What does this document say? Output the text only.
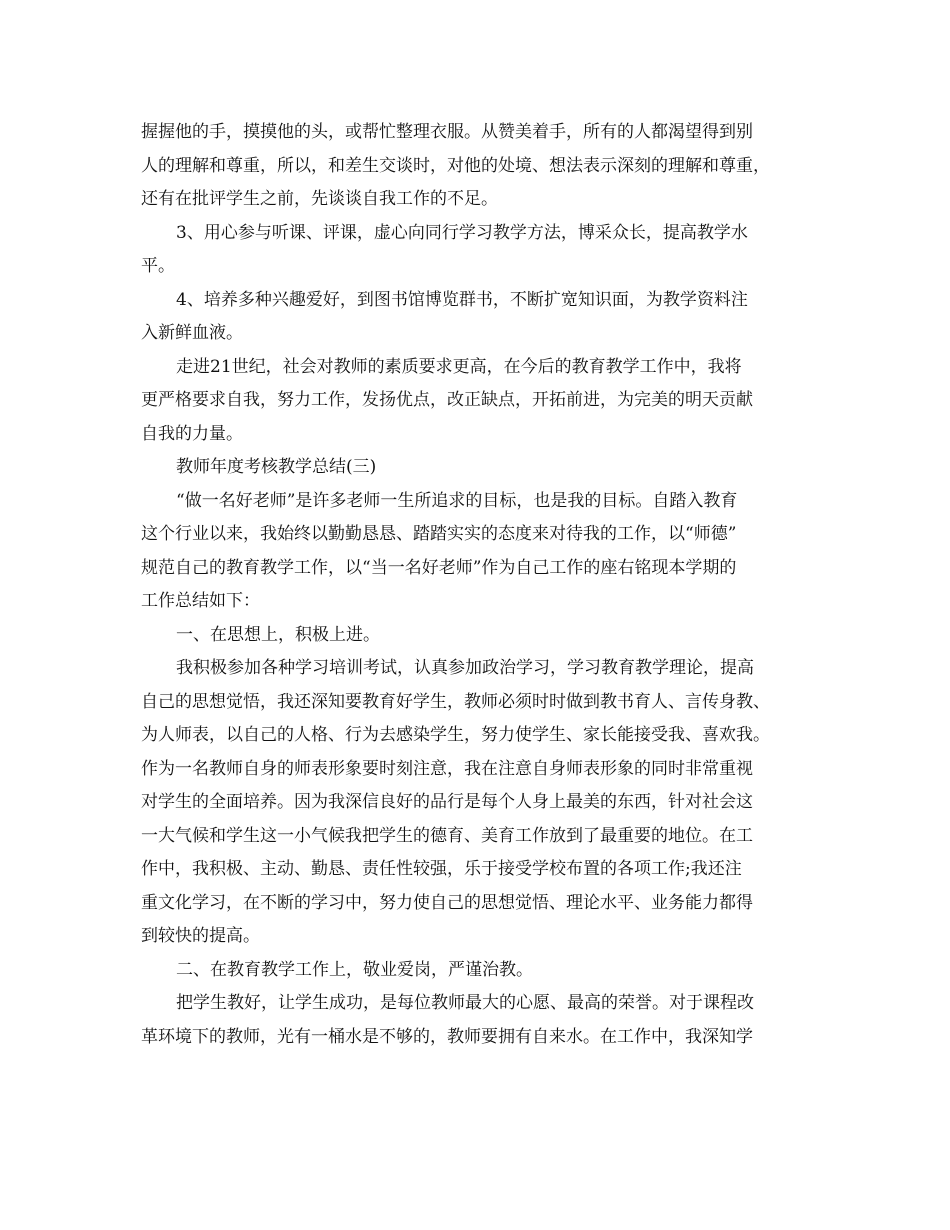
握握他的手，摸摸他的头，或帮忙整理衣服。从赞美着手，所有的人都渴望得到别
人的理解和尊重，所以，和差生交谈时，对他的处境、想法表示深刻的理解和尊重，
还有在批评学生之前，先谈谈自我工作的不足。
3、用心参与听课、评课，虚心向同行学习教学方法，博采众长，提高教学水
平。
4、培养多种兴趣爱好，到图书馆博览群书，不断扩宽知识面，为教学资料注
入新鲜血液。
走进21世纪，社会对教师的素质要求更高，在今后的教育教学工作中，我将
更严格要求自我，努力工作，发扬优点，改正缺点，开拓前进，为完美的明天贡献
自我的力量。
教师年度考核教学总结(三)
“做一名好老师”是许多老师一生所追求的目标，也是我的目标。自踏入教育
这个行业以来，我始终以勤勤恳恳、踏踏实实的态度来对待我的工作，以“师德”
规范自己的教育教学工作，以“当一名好老师”作为自己工作的座右铭现本学期的
工作总结如下：
一、在思想上，积极上进。
我积极参加各种学习培训考试，认真参加政治学习，学习教育教学理论，提高
自己的思想觉悟，我还深知要教育好学生，教师必须时时做到教书育人、言传身教、
为人师表，以自己的人格、行为去感染学生，努力使学生、家长能接受我、喜欢我。
作为一名教师自身的师表形象要时刻注意，我在注意自身师表形象的同时非常重视
对学生的全面培养。因为我深信良好的品行是每个人身上最美的东西，针对社会这
一大气候和学生这一小气候我把学生的德育、美育工作放到了最重要的地位。在工
作中，我积极、主动、勤恳、责任性较强，乐于接受学校布置的各项工作;我还注
重文化学习，在不断的学习中，努力使自己的思想觉悟、理论水平、业务能力都得
到较快的提高。
二、在教育教学工作上，敬业爱岗，严谨治教。
把学生教好，让学生成功，是每位教师最大的心愿、最高的荣誉。对于课程改
革环境下的教师，光有一桶水是不够的，教师要拥有自来水。在工作中，我深知学
